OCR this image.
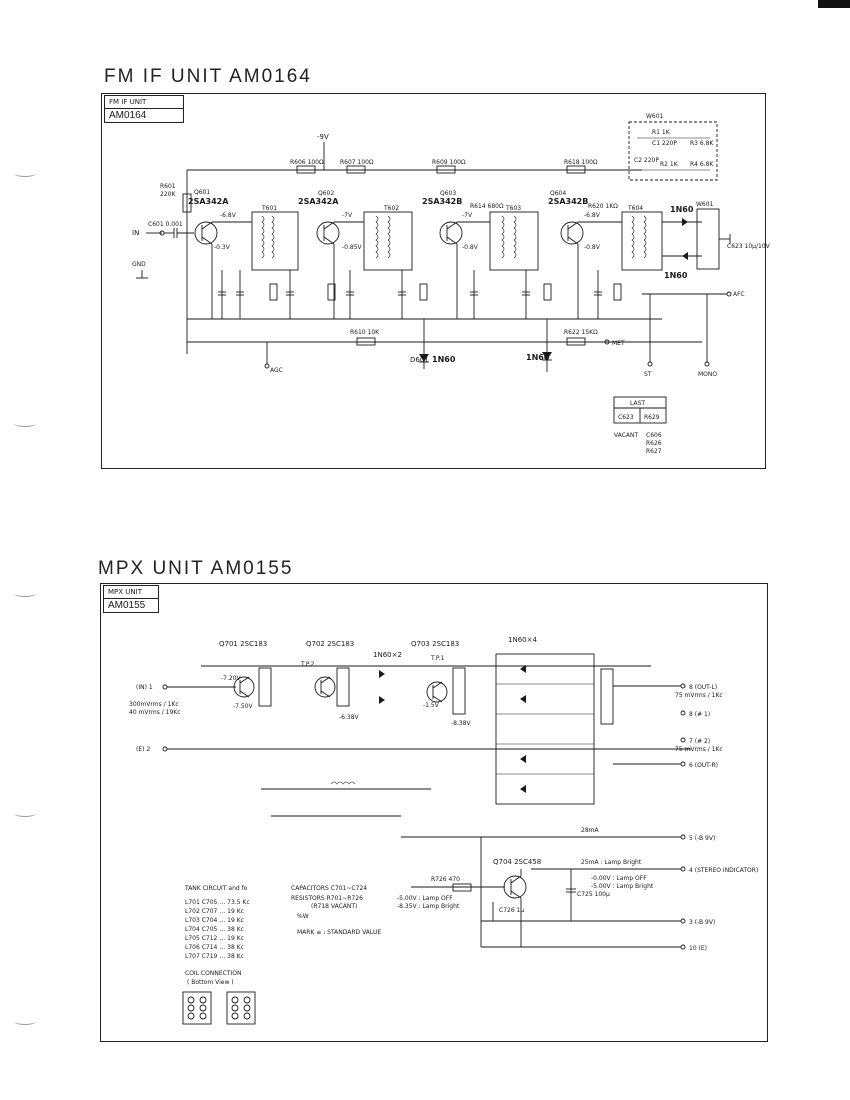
FM IF UNIT AM0164
FM IF UNIT
AM0164
-9V
R606 100Ω	R607 100Ω	R609 100Ω	R618 100Ω
R601
220K
IN
C601 0.001
GND
Q601
2SA342A
-6.8V
-0.3V
T601
Q602
2SA342A
-7V
-0.85V
T602
Q603
2SA342B
-7V
-0.8V
R614 680Ω T603
Q604
2SA342B
-6.8V
-0.8V
R620 1KΩ T604
R610 10K
AGC
D601 1N60	1N60
R622 15KΩ
MET
1N60
1N60
W601
C623 10μ/10V
AFC
ST	MONO
W601
R1 1K
C1 220P R3 6.8K
C2 220P
R2 1K R4 6.8K
LAST
C623 R629
VACANT C606
R626
R627
MPX UNIT AM0155
MPX UNIT
AM0155
Q701 2SC183	Q702 2SC183	Q703 2SC183
1N60×2
1N60×4
T.P.1
T.P.2
(IN) 1
300mVrms / 1Kc
40 mVrms / 19Kc
(E) 2
-7.20V
-7.50V
-6.38V
-1.5V
-8.38V
8 (OUT-L)
75 mVrms / 1Kc
8 (# 1)
7 (# 2)
75 mVrms / 1Kc
6 (OUT-R)
5 (-B 9V)
4 (STEREO INDICATOR)
3 (-B 9V)
10 (E)
28mA
25mA : Lamp Bright
-0.00V : Lamp OFF
-5.00V : Lamp Bright
Q704 2SC458
R726 470
-5.00V : Lamp OFF
-8.35V : Lamp Bright
C726 1μ
C725 100μ
TANK CIRCUIT and fo
L701 C705 … 73.5 Kc
L702 C707 … 19 Kc
L703 C704 … 19 Kc
L704 C705 … 38 Kc
L705 C712 … 19 Kc
L706 C714 … 38 Kc
L707 C719 … 38 Kc
CAPACITORS C701~C724
RESISTORS R701~R726
(R718 VACANT)
%W
MARK ≡ : STANDARD VALUE
COIL CONNECTION
( Bottom View )
